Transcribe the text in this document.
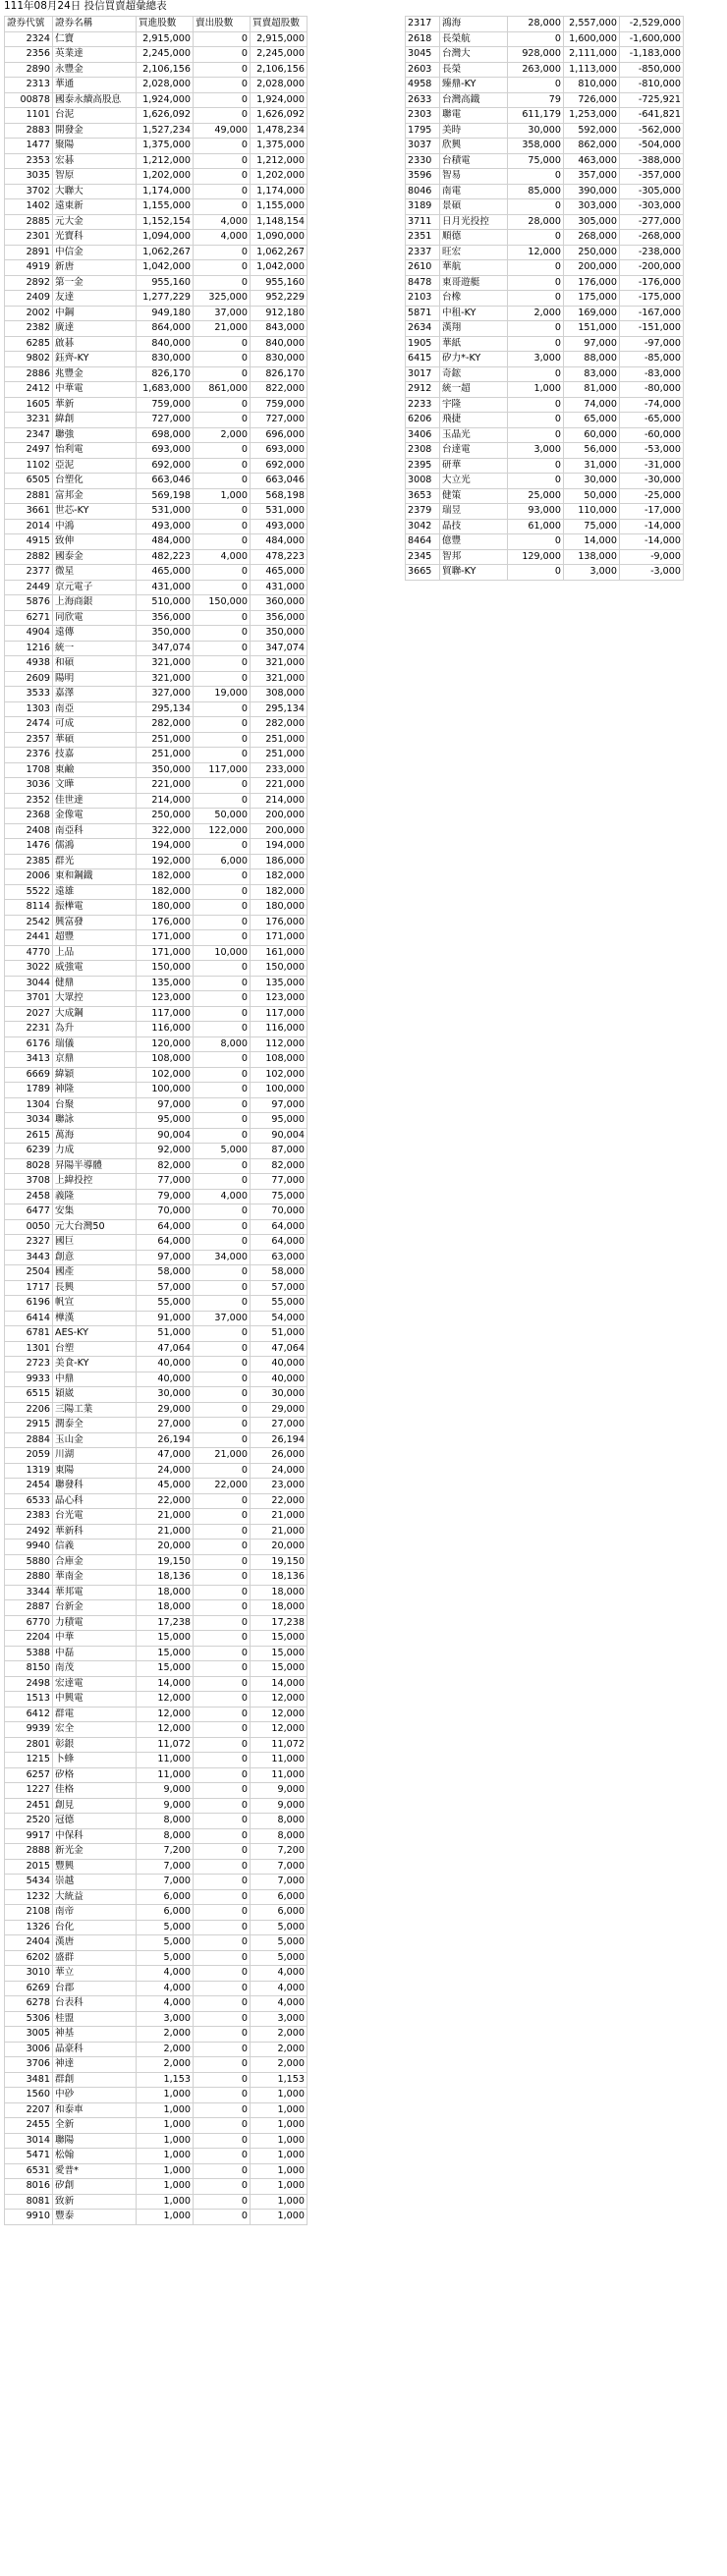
111年08月24日 投信買賣超彙總表
證券代號	證券名稱	買進股數	賣出股數	買賣超股數
2324	仁寶	2,915,000	0	2,915,000
2356	英業達	2,245,000	0	2,245,000
2890	永豐金	2,106,156	0	2,106,156
2313	華通	2,028,000	0	2,028,000
00878	國泰永續高股息	1,924,000	0	1,924,000
1101	台泥	1,626,092	0	1,626,092
2883	開發金	1,527,234	49,000	1,478,234
1477	聚陽	1,375,000	0	1,375,000
2353	宏碁	1,212,000	0	1,212,000
3035	智原	1,202,000	0	1,202,000
3702	大聯大	1,174,000	0	1,174,000
1402	遠東新	1,155,000	0	1,155,000
2885	元大金	1,152,154	4,000	1,148,154
2301	光寶科	1,094,000	4,000	1,090,000
2891	中信金	1,062,267	0	1,062,267
4919	新唐	1,042,000	0	1,042,000
2892	第一金	955,160	0	955,160
2409	友達	1,277,229	325,000	952,229
2002	中鋼	949,180	37,000	912,180
2382	廣達	864,000	21,000	843,000
6285	啟碁	840,000	0	840,000
9802	鈺齊-KY	830,000	0	830,000
2886	兆豐金	826,170	0	826,170
2412	中華電	1,683,000	861,000	822,000
1605	華新	759,000	0	759,000
3231	緯創	727,000	0	727,000
2347	聯強	698,000	2,000	696,000
2497	怡利電	693,000	0	693,000
1102	亞泥	692,000	0	692,000
6505	台塑化	663,046	0	663,046
2881	富邦金	569,198	1,000	568,198
3661	世芯-KY	531,000	0	531,000
2014	中鴻	493,000	0	493,000
4915	致伸	484,000	0	484,000
2882	國泰金	482,223	4,000	478,223
2377	微星	465,000	0	465,000
2449	京元電子	431,000	0	431,000
5876	上海商銀	510,000	150,000	360,000
6271	同欣電	356,000	0	356,000
4904	遠傳	350,000	0	350,000
1216	統一	347,074	0	347,074
4938	和碩	321,000	0	321,000
2609	陽明	321,000	0	321,000
3533	嘉澤	327,000	19,000	308,000
1303	南亞	295,134	0	295,134
2474	可成	282,000	0	282,000
2357	華碩	251,000	0	251,000
2376	技嘉	251,000	0	251,000
1708	東鹼	350,000	117,000	233,000
3036	文曄	221,000	0	221,000
2352	佳世達	214,000	0	214,000
2368	金像電	250,000	50,000	200,000
2408	南亞科	322,000	122,000	200,000
1476	儒鴻	194,000	0	194,000
2385	群光	192,000	6,000	186,000
2006	東和鋼鐵	182,000	0	182,000
5522	遠雄	182,000	0	182,000
8114	振樺電	180,000	0	180,000
2542	興富發	176,000	0	176,000
2441	超豐	171,000	0	171,000
4770	上品	171,000	10,000	161,000
3022	威強電	150,000	0	150,000
3044	健鼎	135,000	0	135,000
3701	大眾控	123,000	0	123,000
2027	大成鋼	117,000	0	117,000
2231	為升	116,000	0	116,000
6176	瑞儀	120,000	8,000	112,000
3413	京鼎	108,000	0	108,000
6669	緯穎	102,000	0	102,000
1789	神隆	100,000	0	100,000
1304	台聚	97,000	0	97,000
3034	聯詠	95,000	0	95,000
2615	萬海	90,004	0	90,004
6239	力成	92,000	5,000	87,000
8028	昇陽半導體	82,000	0	82,000
3708	上緯投控	77,000	0	77,000
2458	義隆	79,000	4,000	75,000
6477	安集	70,000	0	70,000
0050	元大台灣50	64,000	0	64,000
2327	國巨	64,000	0	64,000
3443	創意	97,000	34,000	63,000
2504	國產	58,000	0	58,000
1717	長興	57,000	0	57,000
6196	帆宣	55,000	0	55,000
6414	樺漢	91,000	37,000	54,000
6781	AES-KY	51,000	0	51,000
1301	台塑	47,064	0	47,064
2723	美食-KY	40,000	0	40,000
9933	中鼎	40,000	0	40,000
6515	穎崴	30,000	0	30,000
2206	三陽工業	29,000	0	29,000
2915	潤泰全	27,000	0	27,000
2884	玉山金	26,194	0	26,194
2059	川湖	47,000	21,000	26,000
1319	東陽	24,000	0	24,000
2454	聯發科	45,000	22,000	23,000
6533	晶心科	22,000	0	22,000
2383	台光電	21,000	0	21,000
2492	華新科	21,000	0	21,000
9940	信義	20,000	0	20,000
5880	合庫金	19,150	0	19,150
2880	華南金	18,136	0	18,136
3344	華邦電	18,000	0	18,000
2887	台新金	18,000	0	18,000
6770	力積電	17,238	0	17,238
2204	中華	15,000	0	15,000
5388	中磊	15,000	0	15,000
8150	南茂	15,000	0	15,000
2498	宏達電	14,000	0	14,000
1513	中興電	12,000	0	12,000
6412	群電	12,000	0	12,000
9939	宏全	12,000	0	12,000
2801	彰銀	11,072	0	11,072
1215	卜蜂	11,000	0	11,000
6257	矽格	11,000	0	11,000
1227	佳格	9,000	0	9,000
2451	創見	9,000	0	9,000
2520	冠德	8,000	0	8,000
9917	中保科	8,000	0	8,000
2888	新光金	7,200	0	7,200
2015	豐興	7,000	0	7,000
5434	崇越	7,000	0	7,000
1232	大統益	6,000	0	6,000
2108	南帝	6,000	0	6,000
1326	台化	5,000	0	5,000
2404	漢唐	5,000	0	5,000
6202	盛群	5,000	0	5,000
3010	華立	4,000	0	4,000
6269	台郡	4,000	0	4,000
6278	台表科	4,000	0	4,000
5306	桂盟	3,000	0	3,000
3005	神基	2,000	0	2,000
3006	晶豪科	2,000	0	2,000
3706	神達	2,000	0	2,000
3481	群創	1,153	0	1,153
1560	中砂	1,000	0	1,000
2207	和泰車	1,000	0	1,000
2455	全新	1,000	0	1,000
3014	聯陽	1,000	0	1,000
5471	松翰	1,000	0	1,000
6531	愛普*	1,000	0	1,000
8016	矽創	1,000	0	1,000
8081	致新	1,000	0	1,000
9910	豐泰	1,000	0	1,000
2317	鴻海	28,000	2,557,000	-2,529,000
2618	長榮航	0	1,600,000	-1,600,000
3045	台灣大	928,000	2,111,000	-1,183,000
2603	長榮	263,000	1,113,000	-850,000
4958	臻鼎-KY	0	810,000	-810,000
2633	台灣高鐵	79	726,000	-725,921
2303	聯電	611,179	1,253,000	-641,821
1795	美時	30,000	592,000	-562,000
3037	欣興	358,000	862,000	-504,000
2330	台積電	75,000	463,000	-388,000
3596	智易	0	357,000	-357,000
8046	南電	85,000	390,000	-305,000
3189	景碩	0	303,000	-303,000
3711	日月光投控	28,000	305,000	-277,000
2351	順德	0	268,000	-268,000
2337	旺宏	12,000	250,000	-238,000
2610	華航	0	200,000	-200,000
8478	東哥遊艇	0	176,000	-176,000
2103	台橡	0	175,000	-175,000
5871	中租-KY	2,000	169,000	-167,000
2634	漢翔	0	151,000	-151,000
1905	華紙	0	97,000	-97,000
6415	矽力*-KY	3,000	88,000	-85,000
3017	奇鋐	0	83,000	-83,000
2912	統一超	1,000	81,000	-80,000
2233	宇隆	0	74,000	-74,000
6206	飛捷	0	65,000	-65,000
3406	玉晶光	0	60,000	-60,000
2308	台達電	3,000	56,000	-53,000
2395	研華	0	31,000	-31,000
3008	大立光	0	30,000	-30,000
3653	健策	25,000	50,000	-25,000
2379	瑞昱	93,000	110,000	-17,000
3042	晶技	61,000	75,000	-14,000
8464	億豐	0	14,000	-14,000
2345	智邦	129,000	138,000	-9,000
3665	貿聯-KY	0	3,000	-3,000
